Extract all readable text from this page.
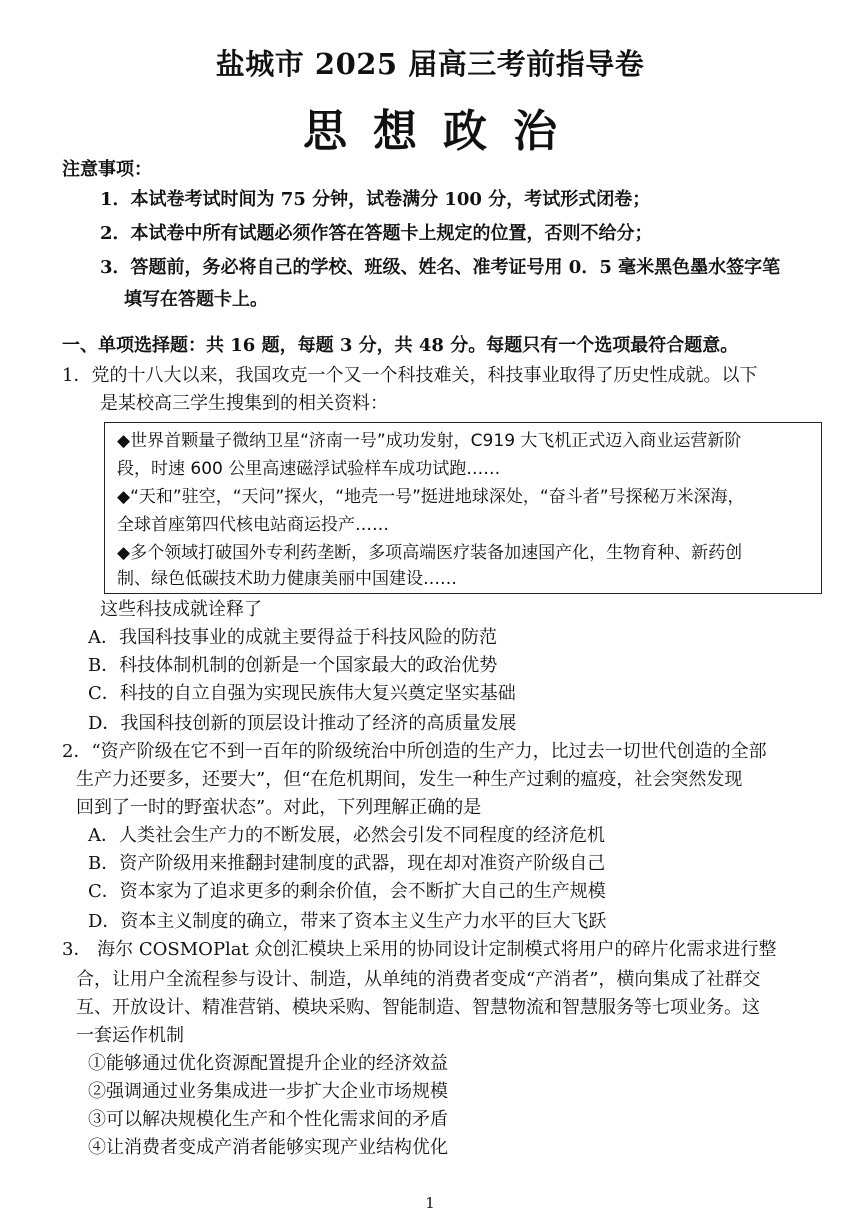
盐城市 2025 届高三考前指导卷
思想政治
注意事项：
1．本试卷考试时间为 75 分钟，试卷满分 100 分，考试形式闭卷；
2．本试卷中所有试题必须作答在答题卡上规定的位置，否则不给分；
3．答题前，务必将自己的学校、班级、姓名、准考证号用 0．5 毫米黑色墨水签字笔
填写在答题卡上。
一、单项选择题：共 16 题，每题 3 分，共 48 分。每题只有一个选项最符合题意。
1．党的十八大以来，我国攻克一个又一个科技难关，科技事业取得了历史性成就。以下
是某校高三学生搜集到的相关资料：
◆世界首颗量子微纳卫星“济南一号”成功发射，C919 大飞机正式迈入商业运营新阶
段，时速 600 公里高速磁浮试验样车成功试跑……
◆“天和”驻空，“天问”探火，“地壳一号”挺进地球深处，“奋斗者”号探秘万米深海，
全球首座第四代核电站商运投产……
◆多个领域打破国外专利药垄断，多项高端医疗装备加速国产化，生物育种、新药创
制、绿色低碳技术助力健康美丽中国建设……
这些科技成就诠释了
A．我国科技事业的成就主要得益于科技风险的防范
B．科技体制机制的创新是一个国家最大的政治优势
C．科技的自立自强为实现民族伟大复兴奠定坚实基础
D．我国科技创新的顶层设计推动了经济的高质量发展
2．“资产阶级在它不到一百年的阶级统治中所创造的生产力，比过去一切世代创造的全部
生产力还要多，还要大”，但“在危机期间，发生一种生产过剩的瘟疫，社会突然发现
回到了一时的野蛮状态”。对此，下列理解正确的是
A．人类社会生产力的不断发展，必然会引发不同程度的经济危机
B．资产阶级用来推翻封建制度的武器，现在却对准资产阶级自己
C．资本家为了追求更多的剩余价值，会不断扩大自己的生产规模
D．资本主义制度的确立，带来了资本主义生产力水平的巨大飞跃
3． 海尔 COSMOPlat 众创汇模块上采用的协同设计定制模式将用户的碎片化需求进行整
合，让用户全流程参与设计、制造，从单纯的消费者变成“产消者”，横向集成了社群交
互、开放设计、精准营销、模块采购、智能制造、智慧物流和智慧服务等七项业务。这
一套运作机制
①能够通过优化资源配置提升企业的经济效益
②强调通过业务集成进一步扩大企业市场规模
③可以解决规模化生产和个性化需求间的矛盾
④让消费者变成产消者能够实现产业结构优化
1
